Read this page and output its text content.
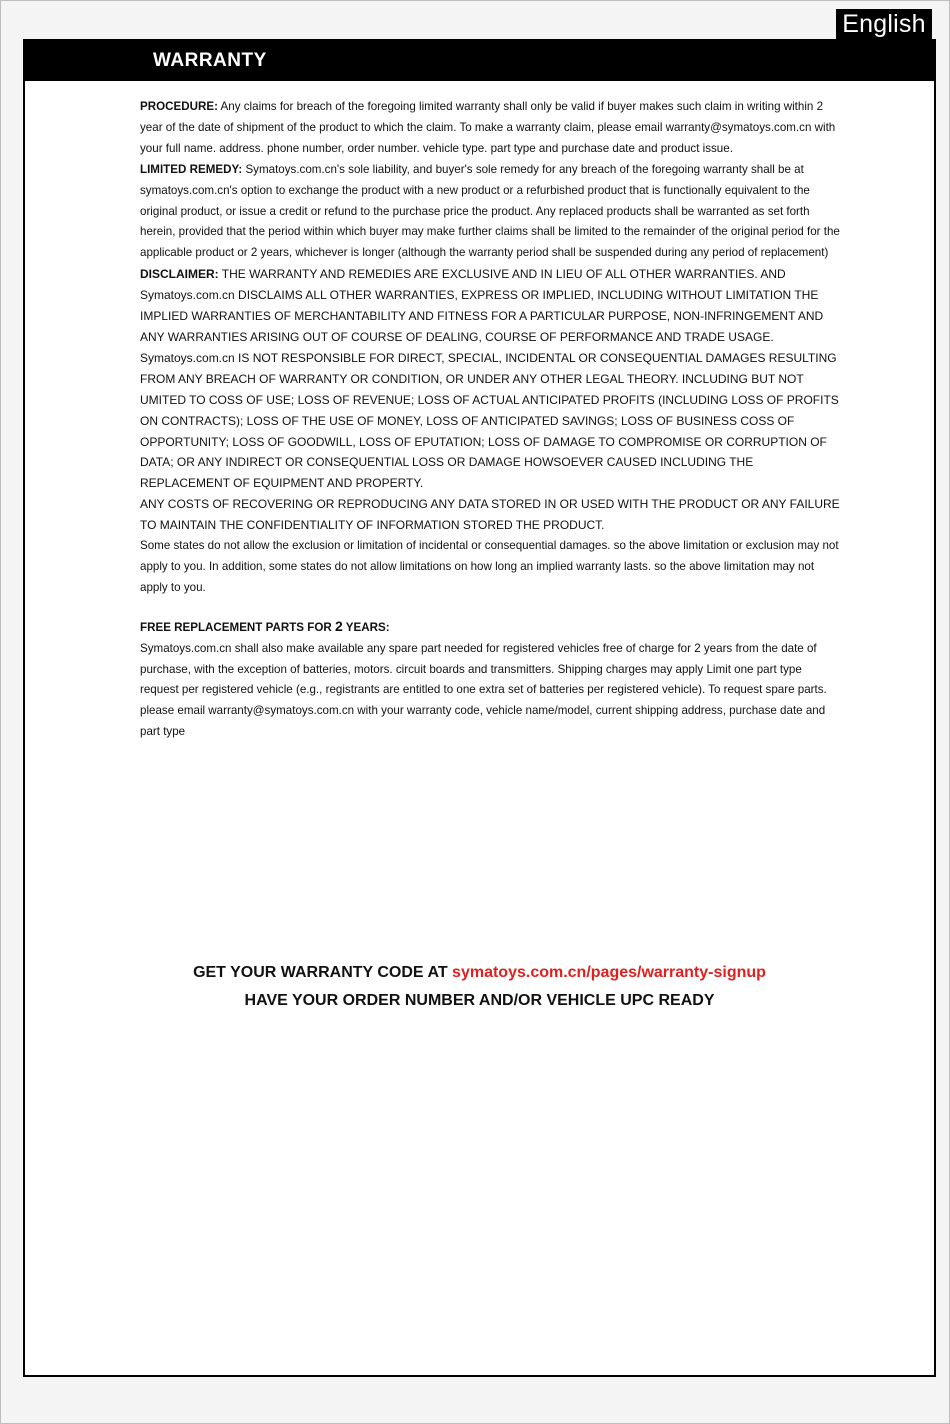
English
WARRANTY

PROCEDURE: Any claims for breach of the foregoing limited warranty shall only be valid if buyer makes such claim in writing within 2 year of the date of shipment of the product to which the claim. To make a warranty claim, please email warranty@symatoys.com.cn with your full name. address. phone number, order number. vehicle type. part type and purchase date and product issue.

LIMITED REMEDY: Symatoys.com.cn's sole liability, and buyer's sole remedy for any breach of the foregoing warranty shall be at symatoys.com.cn's option to exchange the product with a new product or a refurbished product that is functionally equivalent to the original product, or issue a credit or refund to the purchase price the product. Any replaced products shall be warranted as set forth herein, provided that the period within which buyer may make further claims shall be limited to the remainder of the original period for the applicable product or 2 years, whichever is longer (although the warranty period shall be suspended during any period of replacement)

DISCLAIMER: THE WARRANTY AND REMEDIES ARE EXCLUSIVE AND IN LIEU OF ALL OTHER WARRANTIES. AND Symatoys.com.cn DISCLAIMS ALL OTHER WARRANTIES, EXPRESS OR IMPLIED, INCLUDING WITHOUT LIMITATION THE IMPLIED WARRANTIES OF MERCHANTABILITY AND FITNESS FOR A PARTICULAR PURPOSE, NON-INFRINGEMENT AND ANY WARRANTIES ARISING OUT OF COURSE OF DEALING, COURSE OF PERFORMANCE AND TRADE USAGE.

Symatoys.com.cn IS NOT RESPONSIBLE FOR DIRECT, SPECIAL, INCIDENTAL OR CONSEQUENTIAL DAMAGES RESULTING FROM ANY BREACH OF WARRANTY OR CONDITION, OR UNDER ANY OTHER LEGAL THEORY. INCLUDING BUT NOT UMITED TO COSS OF USE; LOSS OF REVENUE; LOSS OF ACTUAL ANTICIPATED PROFITS (INCLUDING LOSS OF PROFITS ON CONTRACTS); LOSS OF THE USE OF MONEY, LOSS OF ANTICIPATED SAVINGS; LOSS OF BUSINESS COSS OF OPPORTUNITY; LOSS OF GOODWILL, LOSS OF EPUTATION; LOSS OF DAMAGE TO COMPROMISE OR CORRUPTION OF DATA; OR ANY INDIRECT OR CONSEQUENTIAL LOSS OR DAMAGE HOWSOEVER CAUSED INCLUDING THE REPLACEMENT OF EQUIPMENT AND PROPERTY.

ANY COSTS OF RECOVERING OR REPRODUCING ANY DATA STORED IN OR USED WITH THE PRODUCT OR ANY FAILURE TO MAINTAIN THE CONFIDENTIALITY OF INFORMATION STORED THE PRODUCT.

Some states do not allow the exclusion or limitation of incidental or consequential damages. so the above limitation or exclusion may not apply to you. In addition, some states do not allow limitations on how long an implied warranty lasts. so the above limitation may not apply to you.

FREE REPLACEMENT PARTS FOR 2 YEARS:

Symatoys.com.cn shall also make available any spare part needed for registered vehicles free of charge for 2 years from the date of purchase, with the exception of batteries, motors. circuit boards and transmitters. Shipping charges may apply Limit one part type request per registered vehicle (e.g., registrants are entitled to one extra set of batteries per registered vehicle). To request spare parts. please email warranty@symatoys.com.cn with your warranty code, vehicle name/model, current shipping address, purchase date and part type

GET YOUR WARRANTY CODE AT symatoys.com.cn/pages/warranty-signup
HAVE YOUR ORDER NUMBER AND/OR VEHICLE UPC READY
